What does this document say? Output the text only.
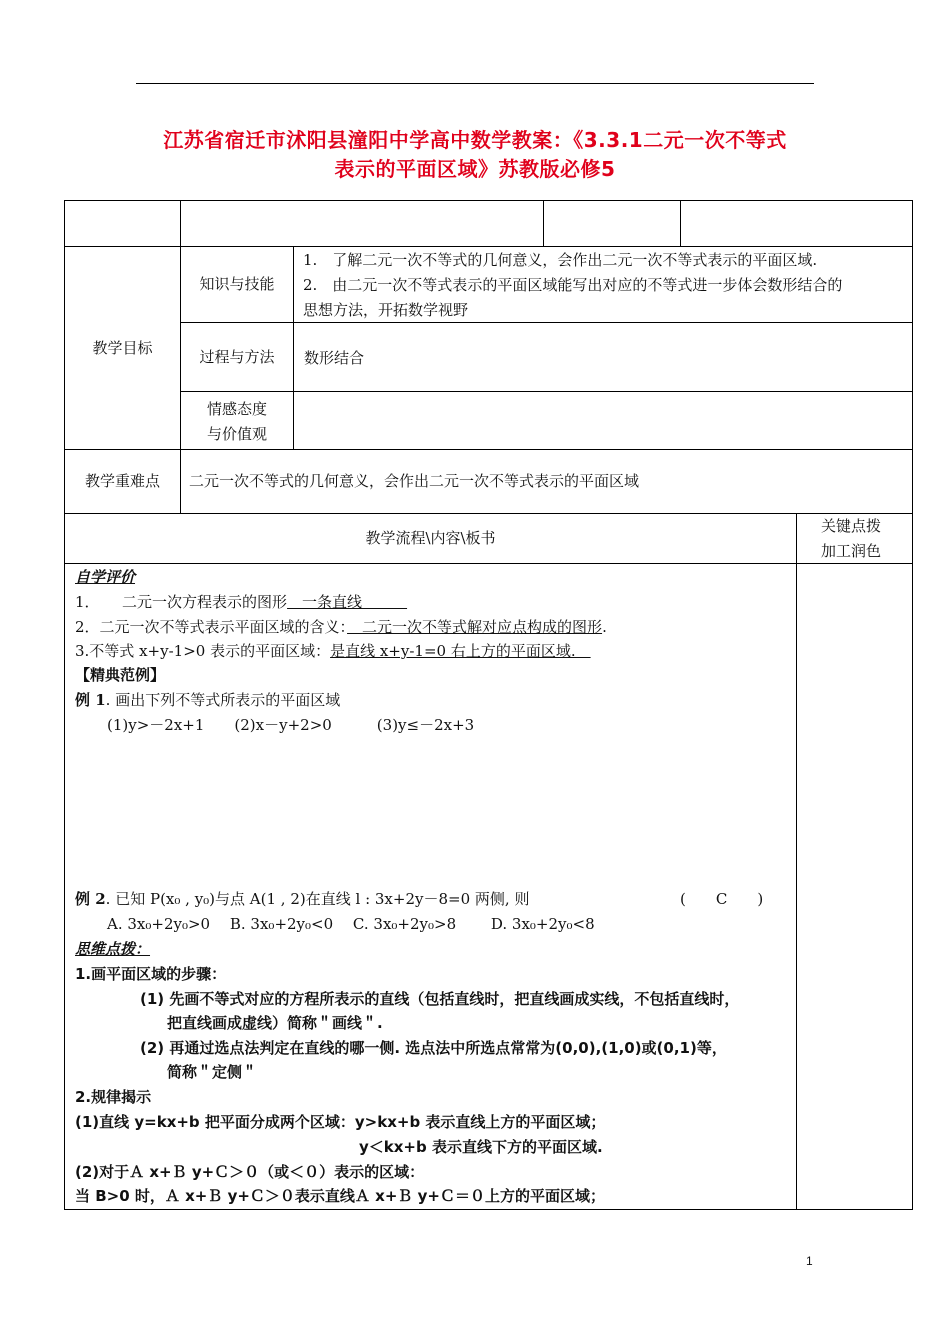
江苏省宿迁市沭阳县潼阳中学高中数学教案：《3.3.1二元一次不等式
表示的平面区域》苏教版必修5
教学目标
知识与技能
1.　了解二元一次不等式的几何意义，会作出二元一次不等式表示的平面区域.
2.　由二元一次不等式表示的平面区域能写出对应的不等式进一步体会数形结合的
思想方法，开拓数学视野
过程与方法 数形结合
情感态度
与价值观
教学重难点 二元一次不等式的几何意义，会作出二元一次不等式表示的平面区域
教学流程\内容\板书
关键点拨
加工润色
自学评价
1．　　二元一次方程表示的图形　一条直线　　　
2．二元一次不等式表示平面区域的含义：　二元一次不等式解对应点构成的图形.
3.不等式 x+y-1>0 表示的平面区域：是直线 x+y-1=0 右上方的平面区域.　
【精典范例】
例 1. 画出下列不等式所表示的平面区域
(1)y>－2x+1　　(2)x－y+2>0　　　(3)y≤－2x+3
例 2. 已知 P(x₀ , y₀)与点 A(1 , 2)在直线 l : 3x+2y－8=0 两侧, 则	(　　C　　)
A. 3x₀+2y₀>0　 B. 3x₀+2y₀<0　 C. 3x₀+2y₀>8　　 D. 3x₀+2y₀<8
思维点拨：
1.画平面区域的步骤：
(1) 先画不等式对应的方程所表示的直线（包括直线时，把直线画成实线，不包括直线时，
把直线画成虚线）简称＂画线＂.
(2) 再通过选点法判定在直线的哪一侧. 选点法中所选点常常为(0,0),(1,0)或(0,1)等，
简称＂定侧＂
2.规律揭示
(1)直线 y=kx+b 把平面分成两个区域：y>kx+b 表示直线上方的平面区域；
y＜kx+b 表示直线下方的平面区域.
(2)对于Ａ x+Ｂ y+Ｃ＞０（或＜０）表示的区域：
当 B>0 时，Ａ x+Ｂ y+Ｃ＞０表示直线Ａ x+Ｂ y+Ｃ＝０上方的平面区域；
1
